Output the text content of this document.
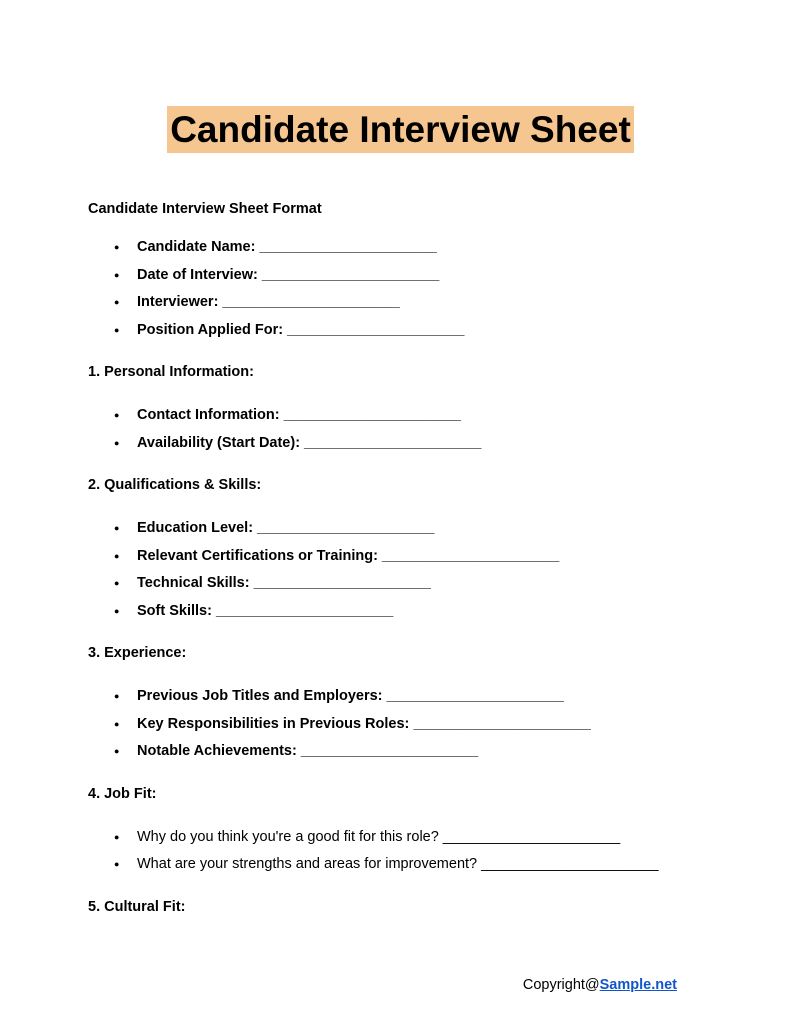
Candidate Interview Sheet

Candidate Interview Sheet Format

● Candidate Name: ______________________
● Date of Interview: ______________________
● Interviewer: ______________________
● Position Applied For: ______________________

1. Personal Information:

● Contact Information: ______________________
● Availability (Start Date): ______________________

2. Qualifications & Skills:

● Education Level: ______________________
● Relevant Certifications or Training: ______________________
● Technical Skills: ______________________
● Soft Skills: ______________________

3. Experience:

● Previous Job Titles and Employers: ______________________
● Key Responsibilities in Previous Roles: ______________________
● Notable Achievements: ______________________

4. Job Fit:

● Why do you think you're a good fit for this role? ______________________
● What are your strengths and areas for improvement? ______________________

5. Cultural Fit:

Copyright@Sample.net
